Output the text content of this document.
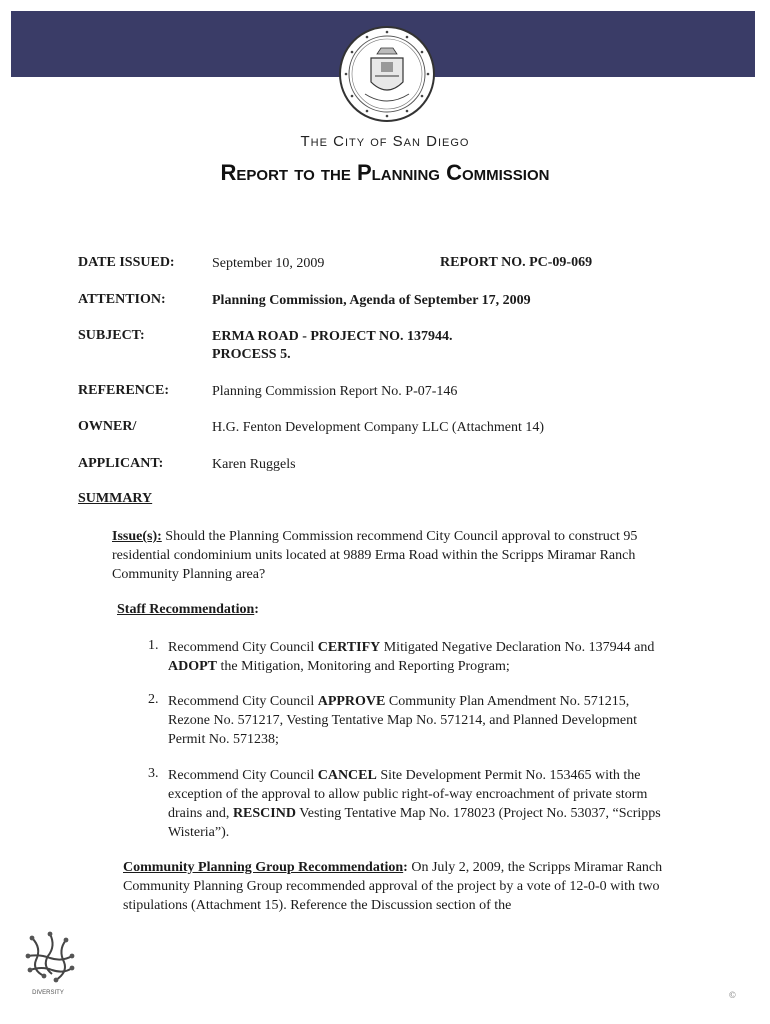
The City of San Diego
Report to the Planning Commission
DATE ISSUED:	September 10, 2009	REPORT NO. PC-09-069
ATTENTION:	Planning Commission, Agenda of September 17, 2009
SUBJECT:	ERMA ROAD - PROJECT NO. 137944.
PROCESS 5.
REFERENCE:	Planning Commission Report No. P-07-146
OWNER/	H.G. Fenton Development Company LLC (Attachment 14)
APPLICANT:	Karen Ruggels
SUMMARY
Issue(s): Should the Planning Commission recommend City Council approval to construct 95 residential condominium units located at 9889 Erma Road within the Scripps Miramar Ranch Community Planning area?
Staff Recommendation:
1. Recommend City Council CERTIFY Mitigated Negative Declaration No. 137944 and ADOPT the Mitigation, Monitoring and Reporting Program;
2. Recommend City Council APPROVE Community Plan Amendment No. 571215, Rezone No. 571217, Vesting Tentative Map No. 571214, and Planned Development Permit No. 571238;
3. Recommend City Council CANCEL Site Development Permit No. 153465 with the exception of the approval to allow public right-of-way encroachment of private storm drains and, RESCIND Vesting Tentative Map No. 178023 (Project No. 53037, “Scripps Wisteria”).
Community Planning Group Recommendation: On July 2, 2009, the Scripps Miramar Ranch Community Planning Group recommended approval of the project by a vote of 12-0-0 with two stipulations (Attachment 15). Reference the Discussion section of the
DIVERSITY	©
